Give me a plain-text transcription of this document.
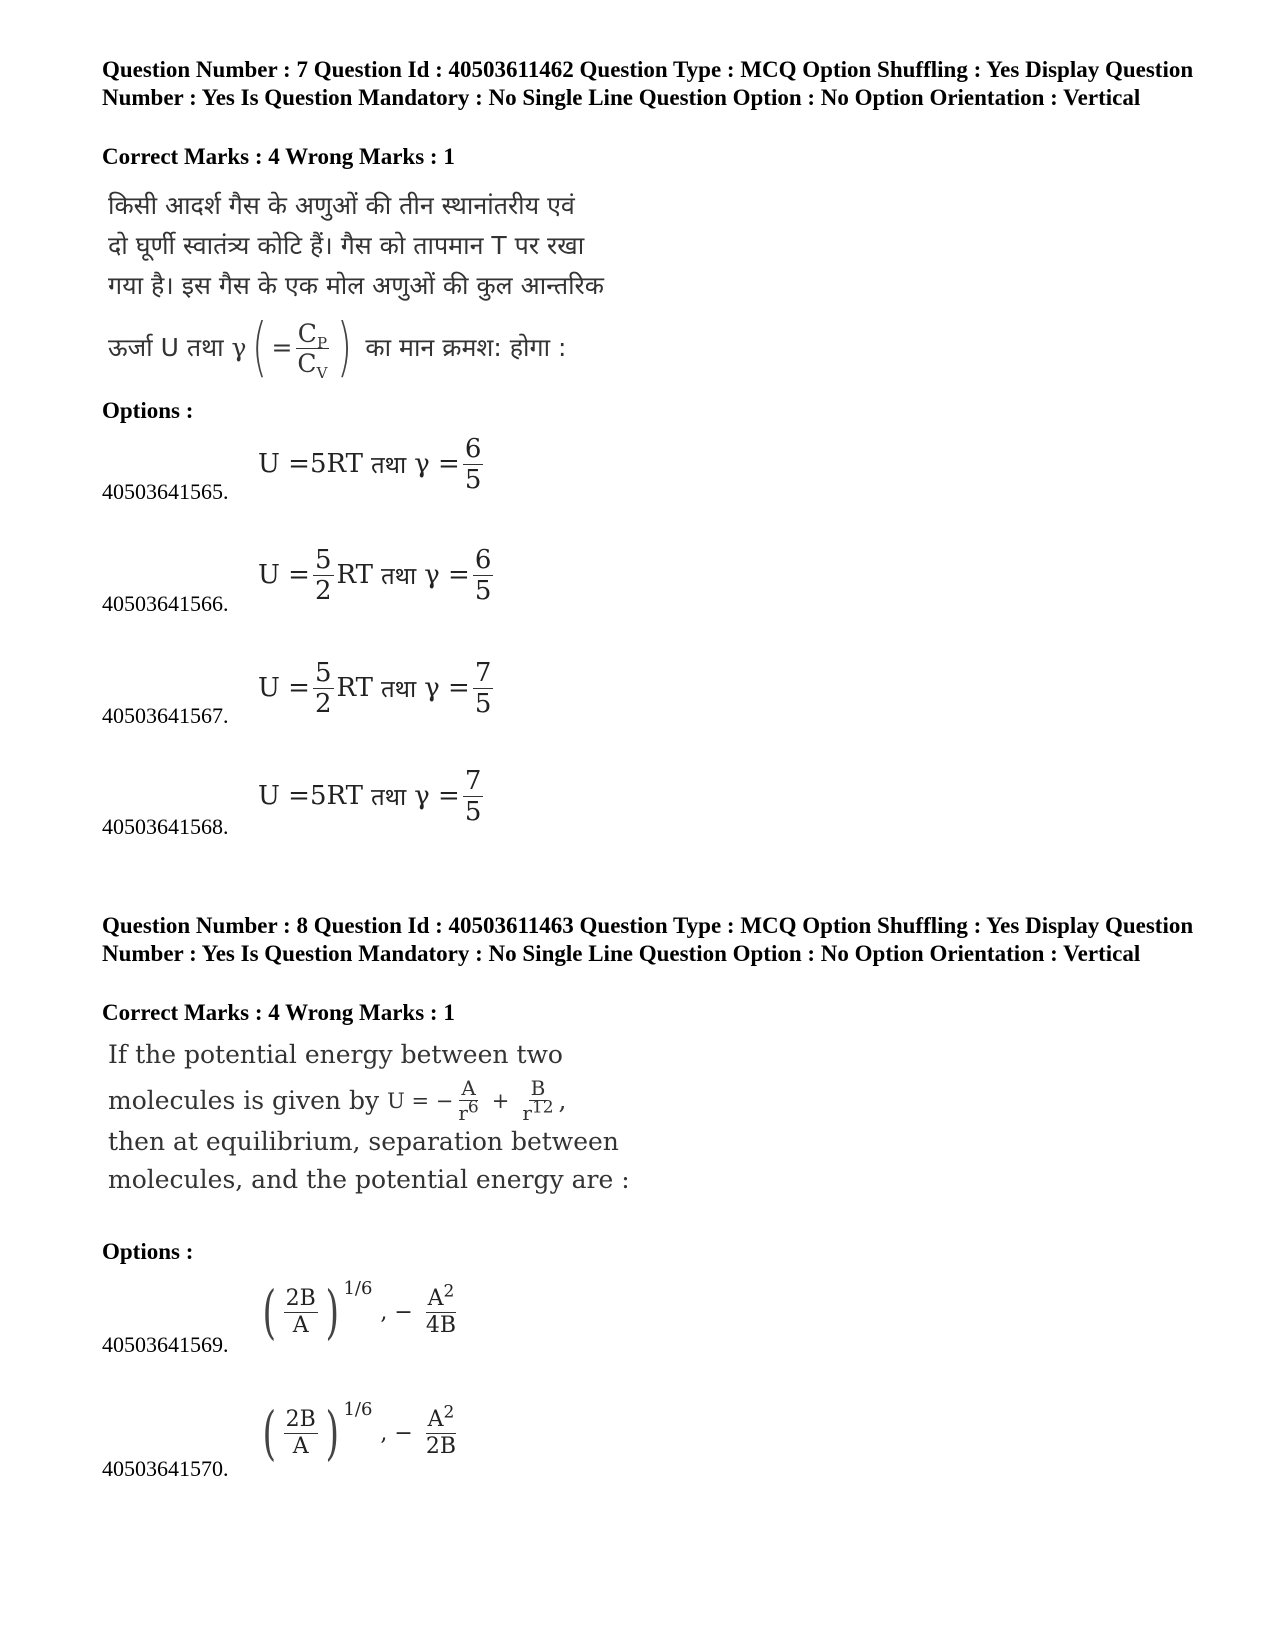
Question Number : 7 Question Id : 40503611462 Question Type : MCQ Option Shuffling : Yes Display Question Number : Yes Is Question Mandatory : No Single Line Question Option : No Option Orientation : Vertical
Correct Marks : 4 Wrong Marks : 1
किसी आदर्श गैस के अणुओं की तीन स्थानांतरीय एवं
दो घूर्णी स्वातंत्र्य कोटि हैं। गैस को तापमान T पर रखा
गया है। इस गैस के एक मोल अणुओं की कुल आन्तरिक
ऊर्जा U तथा γ ( = $\frac{C_P}{C_V}$ ) का मान क्रमश: होगा :
Options :
U = 5RT तथा $\gamma = \frac{6}{5}$
40503641565.
$U = \frac{5}{2}$ RT तथा $\gamma = \frac{6}{5}$
40503641566.
$U = \frac{5}{2}$ RT तथा $\gamma = \frac{7}{5}$
40503641567.
U = 5RT तथा $\gamma = \frac{7}{5}$
40503641568.
Question Number : 8 Question Id : 40503611463 Question Type : MCQ Option Shuffling : Yes Display Question Number : Yes Is Question Mandatory : No Single Line Question Option : No Option Orientation : Vertical
Correct Marks : 4 Wrong Marks : 1
If the potential energy between two
molecules is given by U = − $\frac{A}{r^6} + \frac{B}{r^{12}}$ ,
then at equilibrium, separation between
molecules, and the potential energy are :
Options :
( $\frac{2B}{A}$ ) 1/6
, − $\frac{A^2}{4B}$
40503641569.
( $\frac{2B}{A}$ ) 1/6
, − $\frac{A^2}{2B}$
40503641570.
